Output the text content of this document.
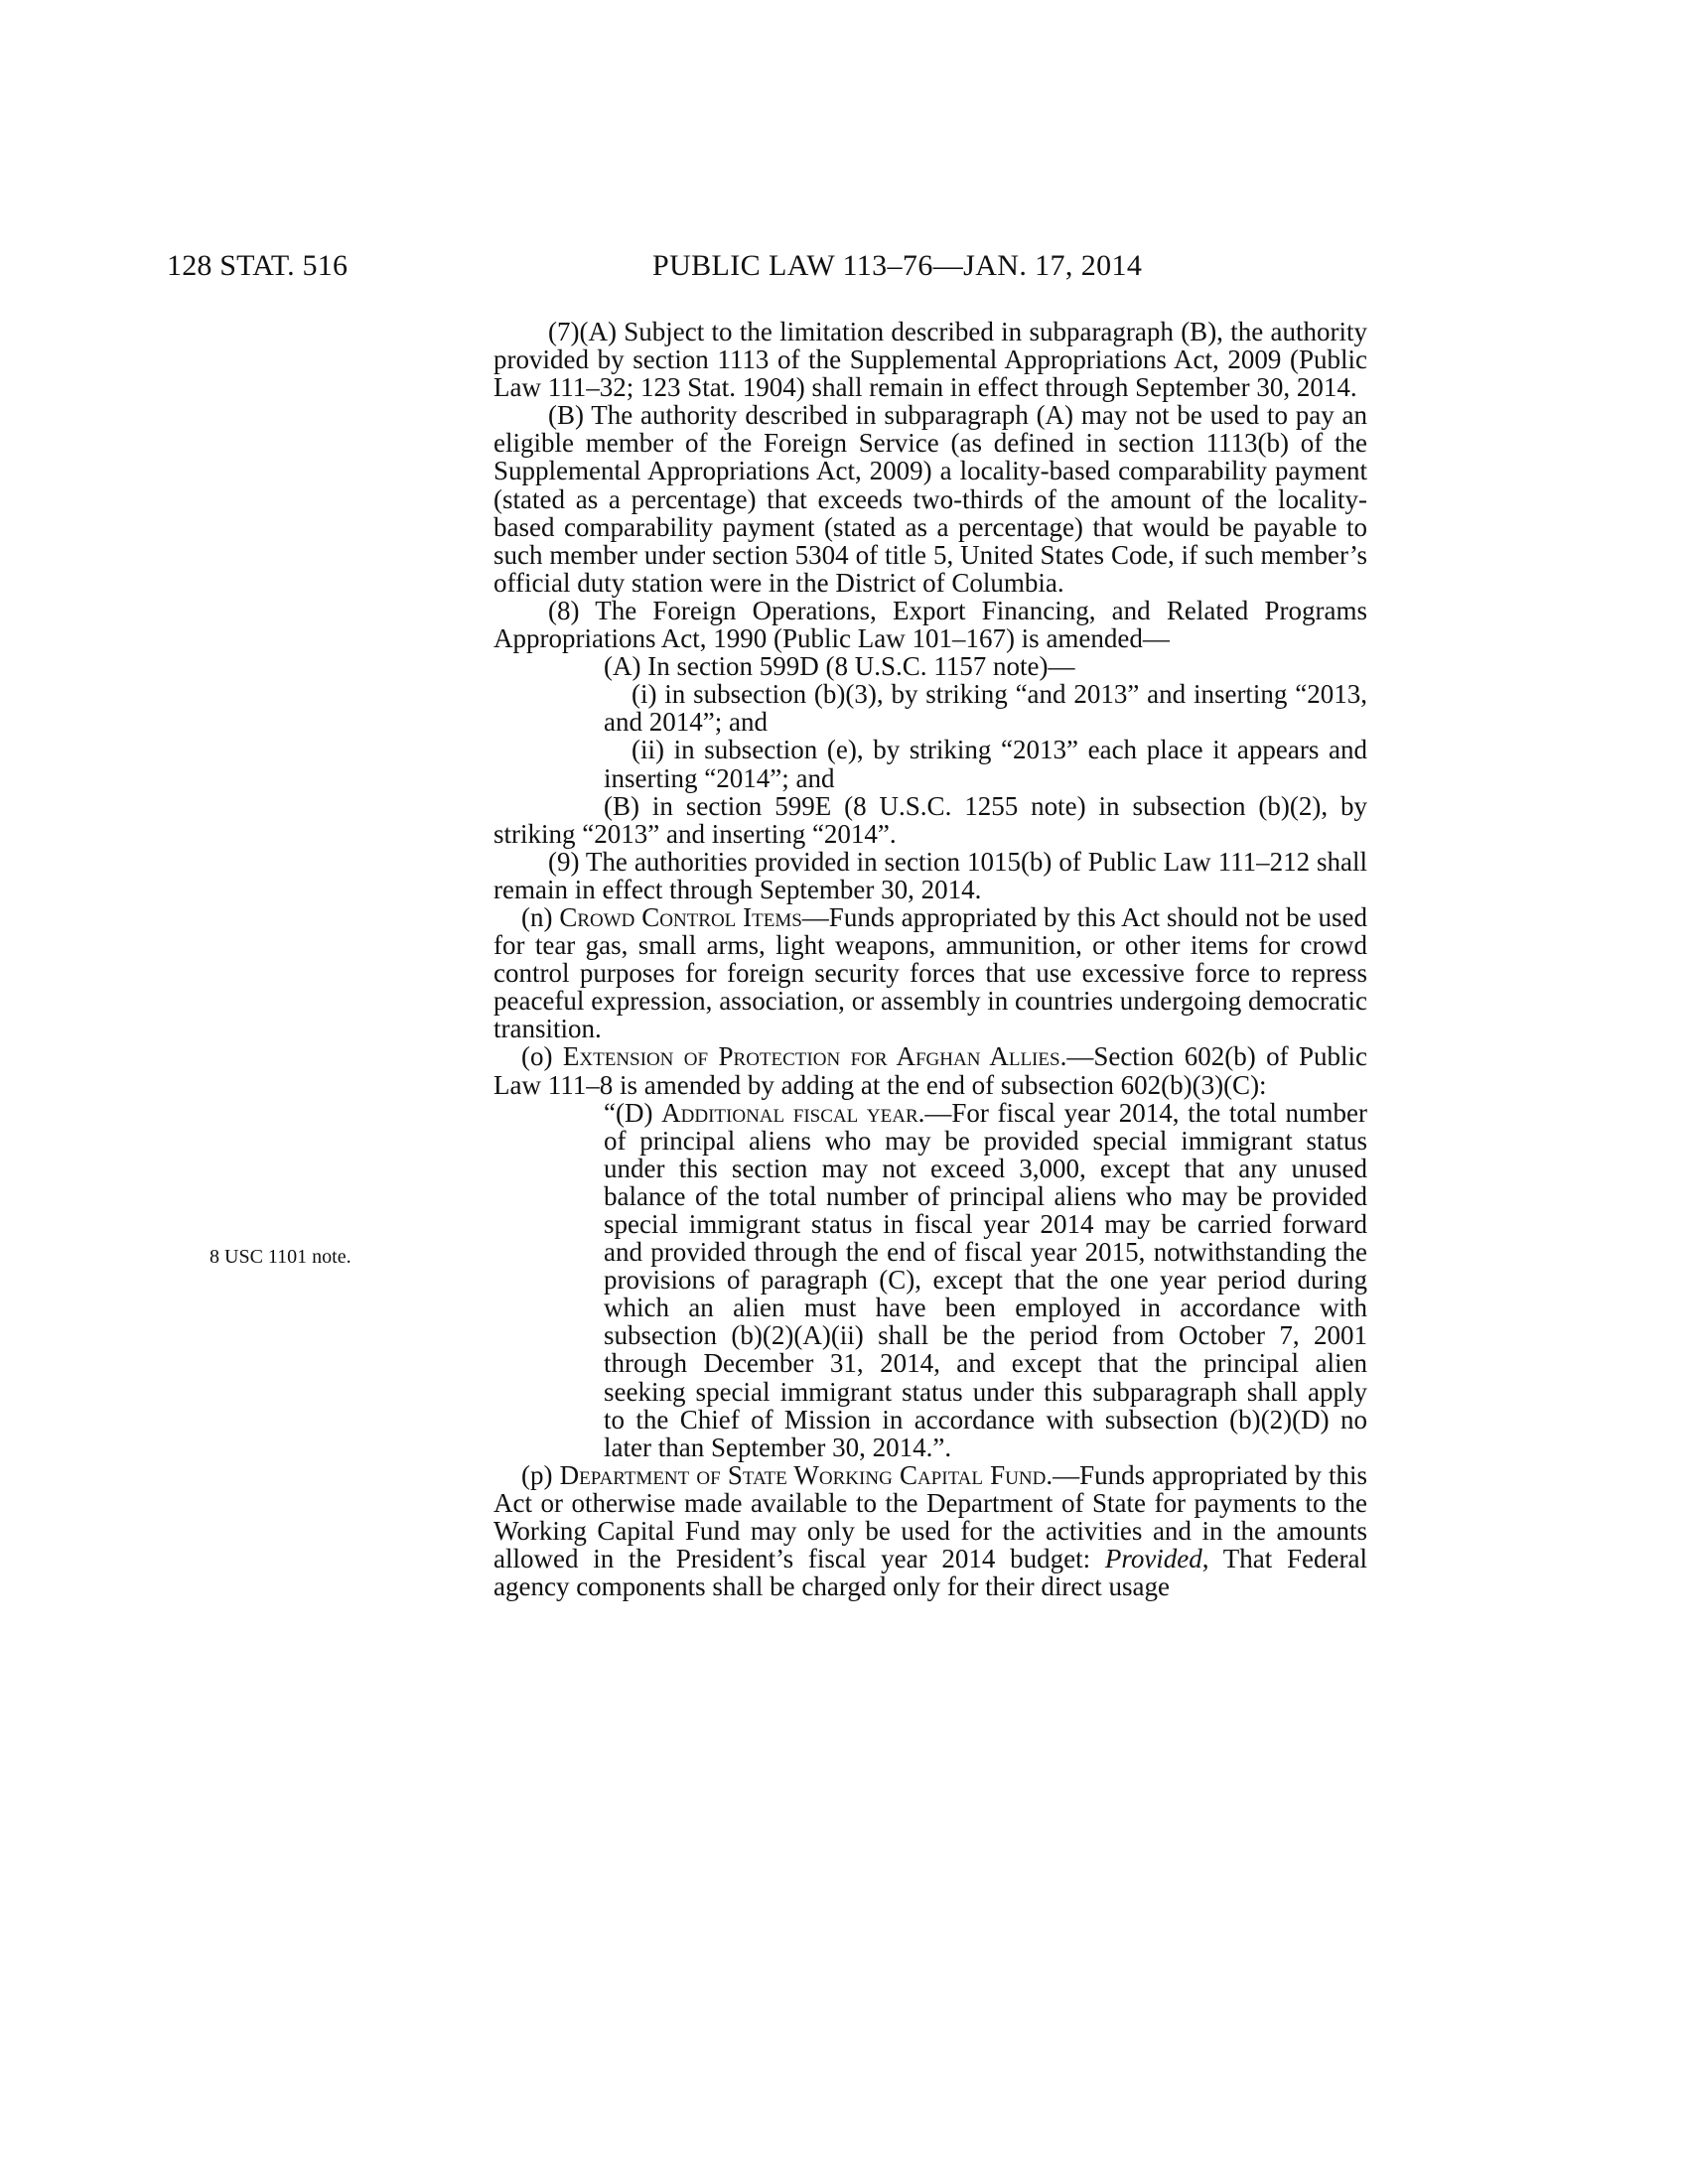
128 STAT. 516	PUBLIC LAW 113–76—JAN. 17, 2014
8 USC 1101 note.

(7)(A) Subject to the limitation described in subparagraph (B), the authority provided by section 1113 of the Supplemental Appropriations Act, 2009 (Public Law 111–32; 123 Stat. 1904) shall remain in effect through September 30, 2014.

(B) The authority described in subparagraph (A) may not be used to pay an eligible member of the Foreign Service (as defined in section 1113(b) of the Supplemental Appropriations Act, 2009) a locality-based comparability payment (stated as a percentage) that exceeds two-thirds of the amount of the locality-based comparability payment (stated as a percentage) that would be payable to such member under section 5304 of title 5, United States Code, if such member’s official duty station were in the District of Columbia.

(8) The Foreign Operations, Export Financing, and Related Programs Appropriations Act, 1990 (Public Law 101–167) is amended—

(A) In section 599D (8 U.S.C. 1157 note)—

(i) in subsection (b)(3), by striking “and 2013” and inserting “2013, and 2014”; and

(ii) in subsection (e), by striking “2013” each place it appears and inserting “2014”; and

(B) in section 599E (8 U.S.C. 1255 note) in subsection (b)(2), by striking “2013” and inserting “2014”.

(9) The authorities provided in section 1015(b) of Public Law 111–212 shall remain in effect through September 30, 2014.

(n) Crowd Control Items—Funds appropriated by this Act should not be used for tear gas, small arms, light weapons, ammunition, or other items for crowd control purposes for foreign security forces that use excessive force to repress peaceful expression, association, or assembly in countries undergoing democratic transition.

(o) Extension of Protection for Afghan Allies.—Section 602(b) of Public Law 111–8 is amended by adding at the end of subsection 602(b)(3)(C):

“(D) Additional fiscal year.—For fiscal year 2014, the total number of principal aliens who may be provided special immigrant status under this section may not exceed 3,000, except that any unused balance of the total number of principal aliens who may be provided special immigrant status in fiscal year 2014 may be carried forward and provided through the end of fiscal year 2015, notwithstanding the provisions of paragraph (C), except that the one year period during which an alien must have been employed in accordance with subsection (b)(2)(A)(ii) shall be the period from October 7, 2001 through December 31, 2014, and except that the principal alien seeking special immigrant status under this subparagraph shall apply to the Chief of Mission in accordance with subsection (b)(2)(D) no later than September 30, 2014.”.

(p) Department of State Working Capital Fund.—Funds appropriated by this Act or otherwise made available to the Department of State for payments to the Working Capital Fund may only be used for the activities and in the amounts allowed in the President’s fiscal year 2014 budget: Provided, That Federal agency components shall be charged only for their direct usage
